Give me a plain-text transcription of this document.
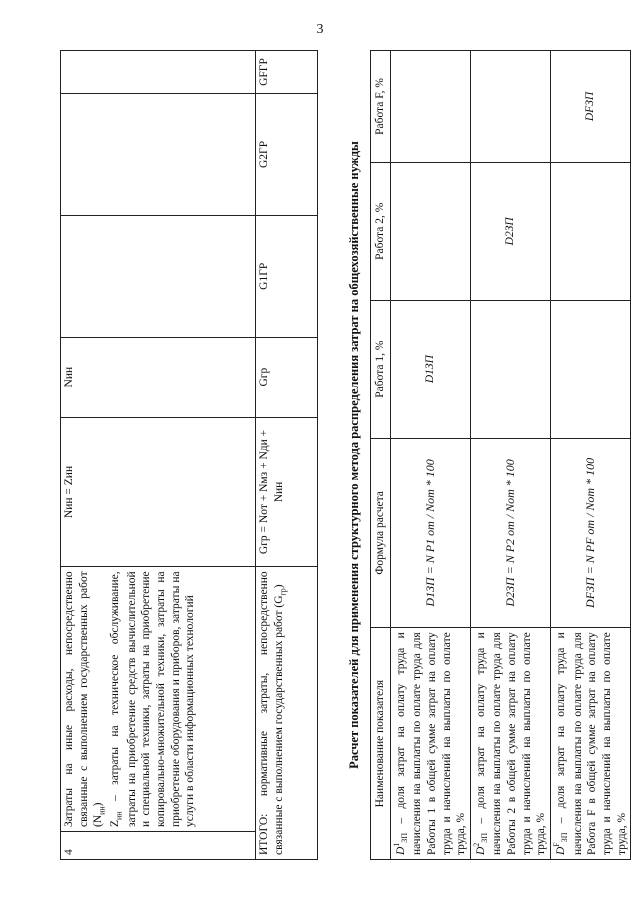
3
4	Затраты на иные расходы, непосредственно связанные с выполнением государственных работ $(N_{ин})$
$Z_{ин}$ – затраты на техническое обслуживание, затраты на приобретение средств вычислительной и специальной техники, затраты на приобретение копировально-множительной техники, затраты на приобретение оборудования и приборов, затраты на услуги в области информационных технологий	Nин = Zин	Nин			
ИТОГО: нормативные затраты, непосредственно связанные с выполнением государственных работ $(G_{гр})$		Gгр = Nот + Nмз + Nди + Nин	Gгр	G1ГР	G2ГР	GFГР
Расчет показателей для применения структурного метода распределения затрат на общехозяйственные нужды Наименование показателя	Формула расчета	Работа 1, %	Работа 2, %	Работа F, %
$D^1_{ЗП}$ – доля затрат на оплату труда и начисления на выплаты по оплате труда для Работы 1 в общей сумме затрат на оплату труда и начислений на выплаты по оплате труда, %	D1ЗП = N Р1 от / Nот * 100	D1ЗП		
$D^2_{ЗП}$ – доля затрат на оплату труда и начисления на выплаты по оплате труда для Работы 2 в общей сумме затрат на оплату труда и начислений на выплаты по оплате труда, %	D2ЗП = N Р2 от / Nот * 100		D2ЗП	
$D^F_{ЗП}$ – доля затрат на оплату труда и начисления на выплаты по оплате труда для Работа F в общей сумме затрат на оплату труда и начислений на выплаты по оплате труда, %	DFЗП = N РF от / Nот * 100			DFЗП
